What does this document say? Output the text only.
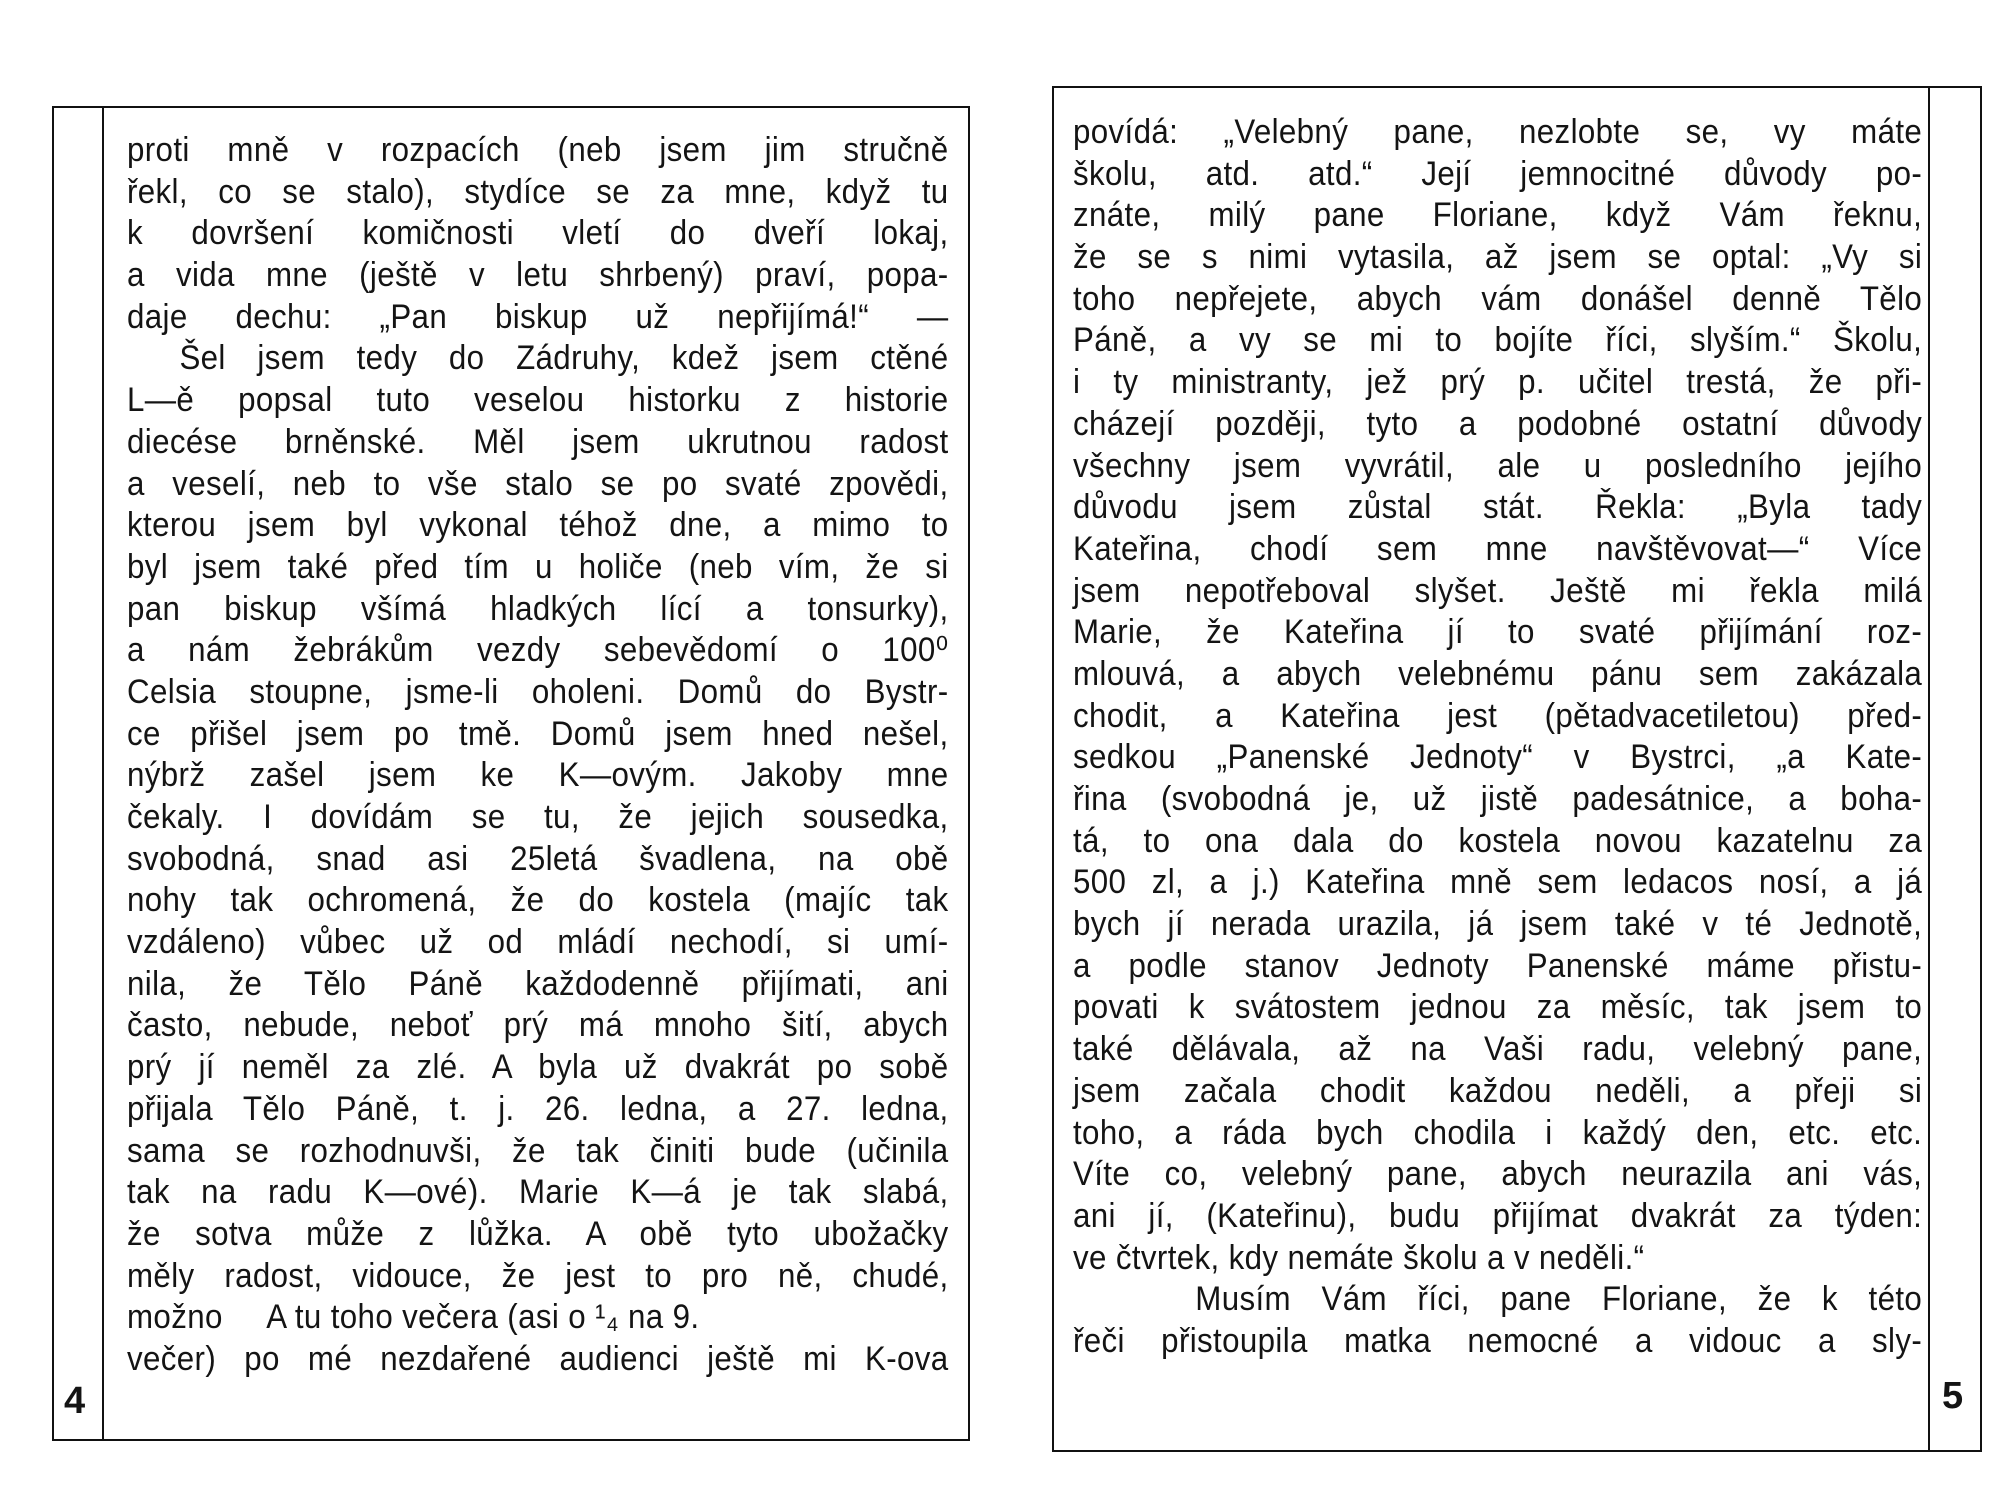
4
proti mně v rozpacích (neb jsem jim stručně
řekl, co se stalo), stydíce se za mne, když tu
k dovršení komičnosti vletí do dveří lokaj,
a vida mne (ještě v letu shrbený) praví, popa-
daje dechu: „Pan biskup už nepřijímá!“ —
Šel jsem tedy do Zádruhy, kdež jsem ctěné
L—ě popsal tuto veselou historku z historie
diecése brněnské. Měl jsem ukrutnou radost
a veselí, neb to vše stalo se po svaté zpovědi,
kterou jsem byl vykonal téhož dne, a mimo to
byl jsem také před tím u holiče (neb vím, že si
pan biskup všímá hladkých lící a tonsurky),
a nám žebrákům vezdy sebevědomí o 100⁰
Celsia stoupne, jsme-li oholeni. Domů do Bystr-
ce přišel jsem po tmě. Domů jsem hned nešel,
nýbrž zašel jsem ke K—ovým. Jakoby mne
čekaly. I dovídám se tu, že jejich sousedka,
svobodná, snad asi 25letá švadlena, na obě
nohy tak ochromená, že do kostela (majíc tak
vzdáleno) vůbec už od mládí nechodí, si umí-
nila, že Tělo Páně každodenně přijímati, ani
často, nebude, neboť prý má mnoho šití, abych
prý jí neměl za zlé. A byla už dvakrát po sobě
přijala Tělo Páně, t. j. 26. ledna, a 27. ledna,
sama se rozhodnuvši, že tak činiti bude (učinila
tak na radu K—ové). Marie K—á je tak slabá,
že sotva může z lůžka. A obě tyto ubožačky
měly radost, vidouce, že jest to pro ně, chudé,
možno     A tu toho večera (asi o ¹₄ na 9.
večer) po mé nezdařené audienci ještě mi K-ova
5
povídá: „Velebný pane, nezlobte se, vy máte
školu, atd. atd.“ Její jemnocitné důvody po-
znáte, milý pane Floriane, když Vám řeknu,
že se s nimi vytasila, až jsem se optal: „Vy si
toho nepřejete, abych vám donášel denně Tělo
Páně, a vy se mi to bojíte říci, slyším.“ Školu,
i ty ministranty, jež prý p. učitel trestá, že při-
cházejí později, tyto a podobné ostatní důvody
všechny jsem vyvrátil, ale u posledního jejího
důvodu jsem zůstal stát. Řekla: „Byla tady
Kateřina, chodí sem mne navštěvovat—“ Více
jsem nepotřeboval slyšet. Ještě mi řekla milá
Marie, že Kateřina jí to svaté přijímání roz-
mlouvá, a abych velebnému pánu sem zakázala
chodit, a Kateřina jest (pětadvacetiletou) před-
sedkou „Panenské Jednoty“ v Bystrci, „a Kate-
řina (svobodná je, už jistě padesátnice, a boha-
tá, to ona dala do kostela novou kazatelnu za
500 zl, a j.) Kateřina mně sem ledacos nosí, a já
bych jí nerada urazila, já jsem také v té Jednotě,
a podle stanov Jednoty Panenské máme přistu-
povati k svátostem jednou za měsíc, tak jsem to
také dělávala, až na Vaši radu, velebný pane,
jsem začala chodit každou neděli, a přeji si
toho, a ráda bych chodila i každý den, etc. etc.
Víte co, velebný pane, abych neurazila ani vás,
ani jí, (Kateřinu), budu přijímat dvakrát za týden:
ve čtvrtek, kdy nemáte školu a v neděli.“
Musím Vám říci, pane Floriane, že k této
řeči přistoupila matka nemocné a vidouc a sly-
